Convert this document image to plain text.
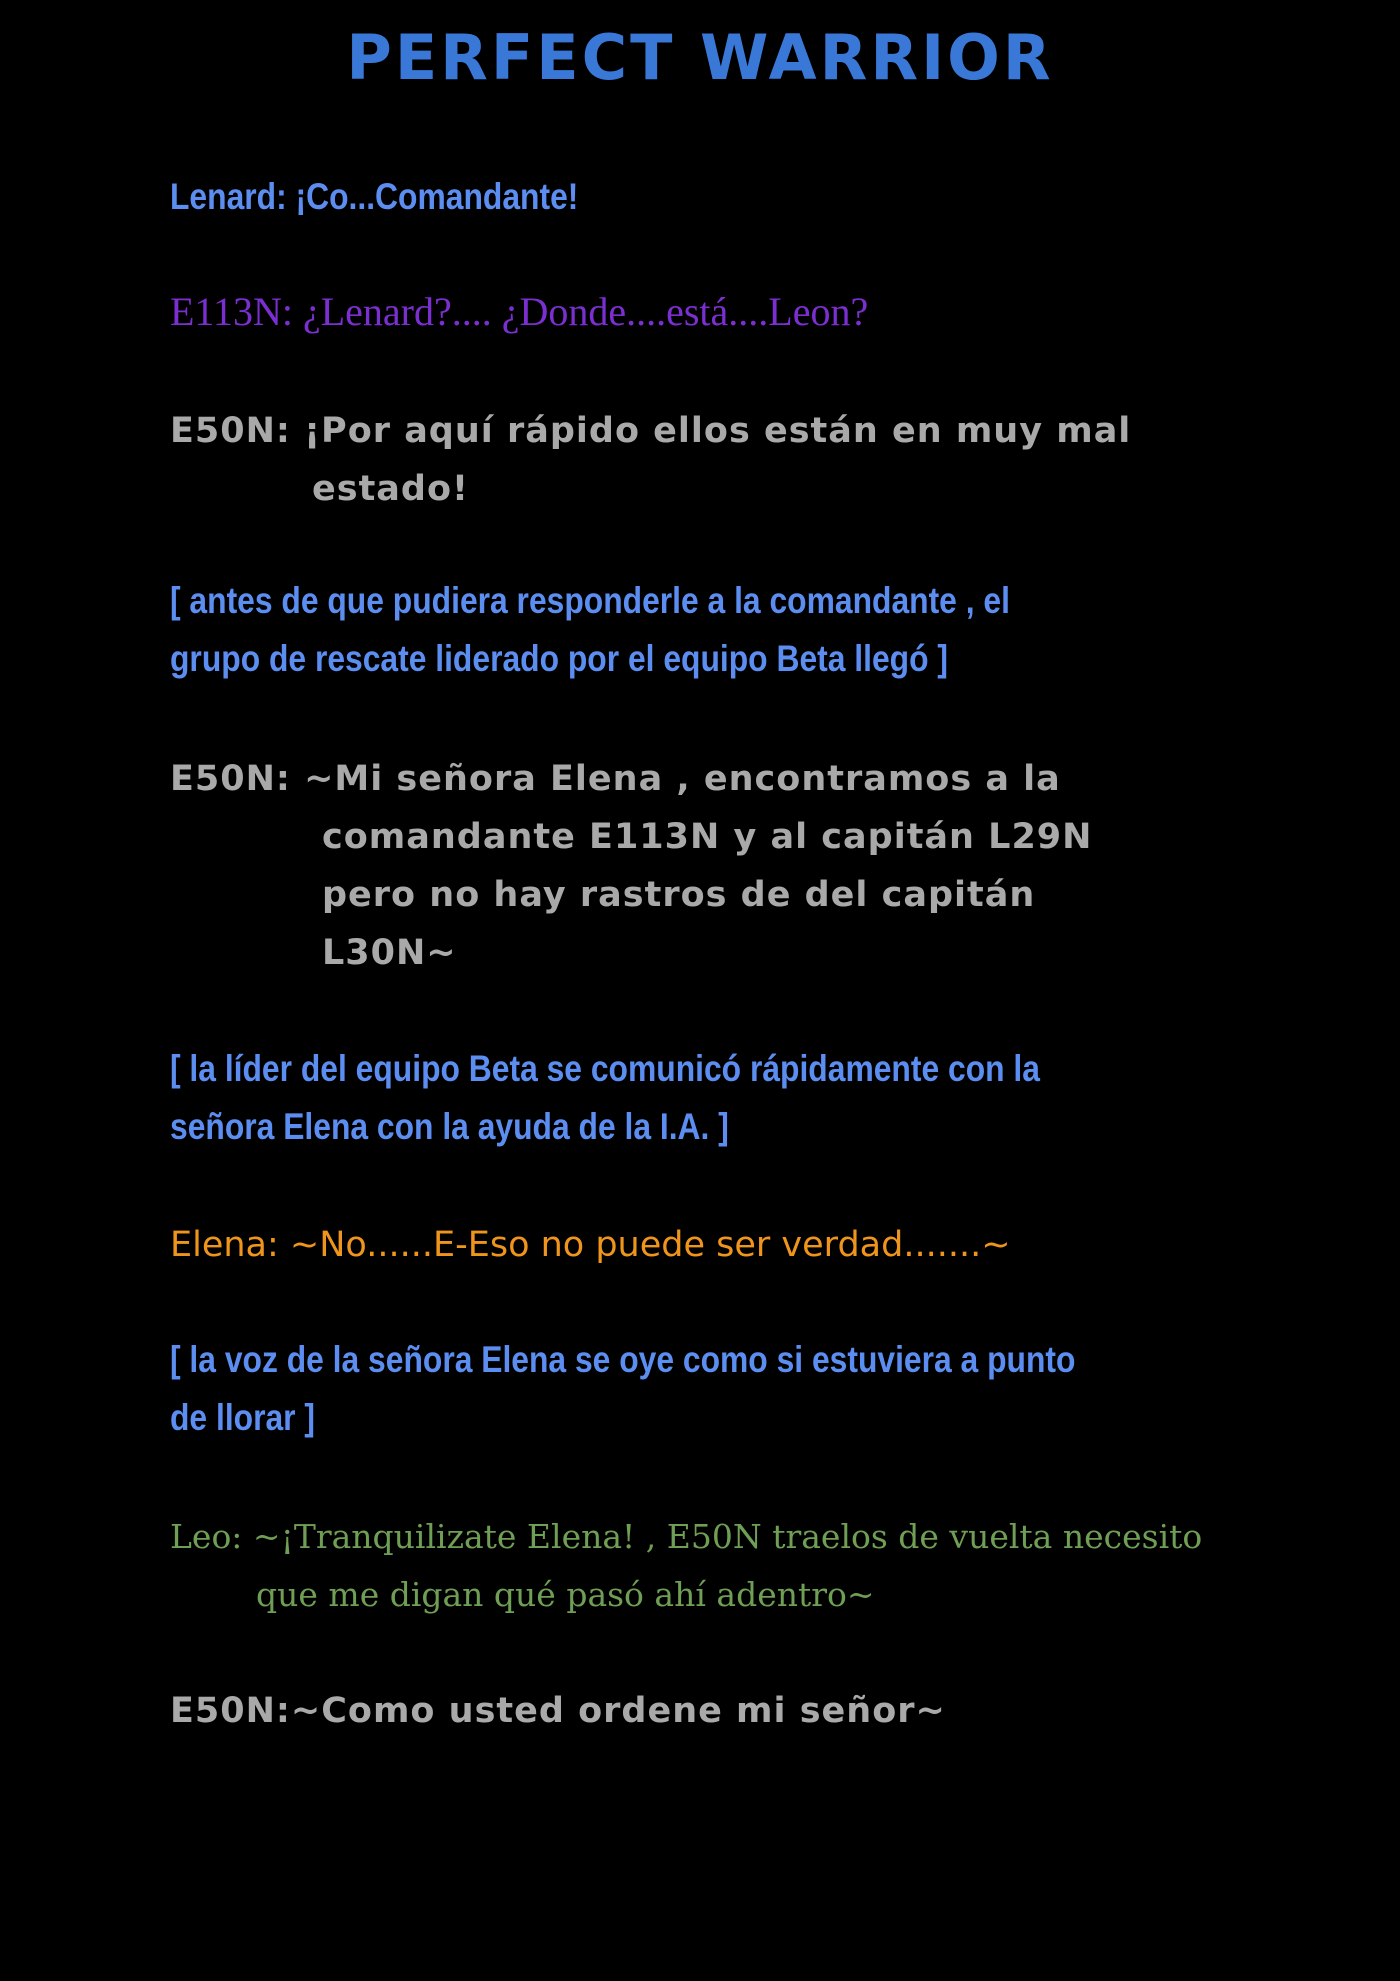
PERFECT WARRIOR

Lenard: ¡Co...Comandante!

E113N: ¿Lenard?.... ¿Donde....está....Leon?

E50N: ¡Por aquí rápido ellos están en muy mal

estado!

[ antes de que pudiera responderle a la comandante , el

grupo de rescate liderado por el equipo Beta llegó ]

E50N: ~Mi señora Elena , encontramos a la

comandante E113N y al capitán L29N

pero no hay rastros de del capitán

L30N~

[ la líder del equipo Beta se comunicó rápidamente con la

señora Elena con la ayuda de la I.A. ]

Elena: ~No......E-Eso no puede ser verdad.......~

[ la voz de la señora Elena se oye como si estuviera a punto

de llorar ]

Leo: ~¡Tranquilizate Elena! , E50N traelos de vuelta necesito

que me digan qué pasó ahí adentro~

E50N:~Como usted ordene mi señor~
